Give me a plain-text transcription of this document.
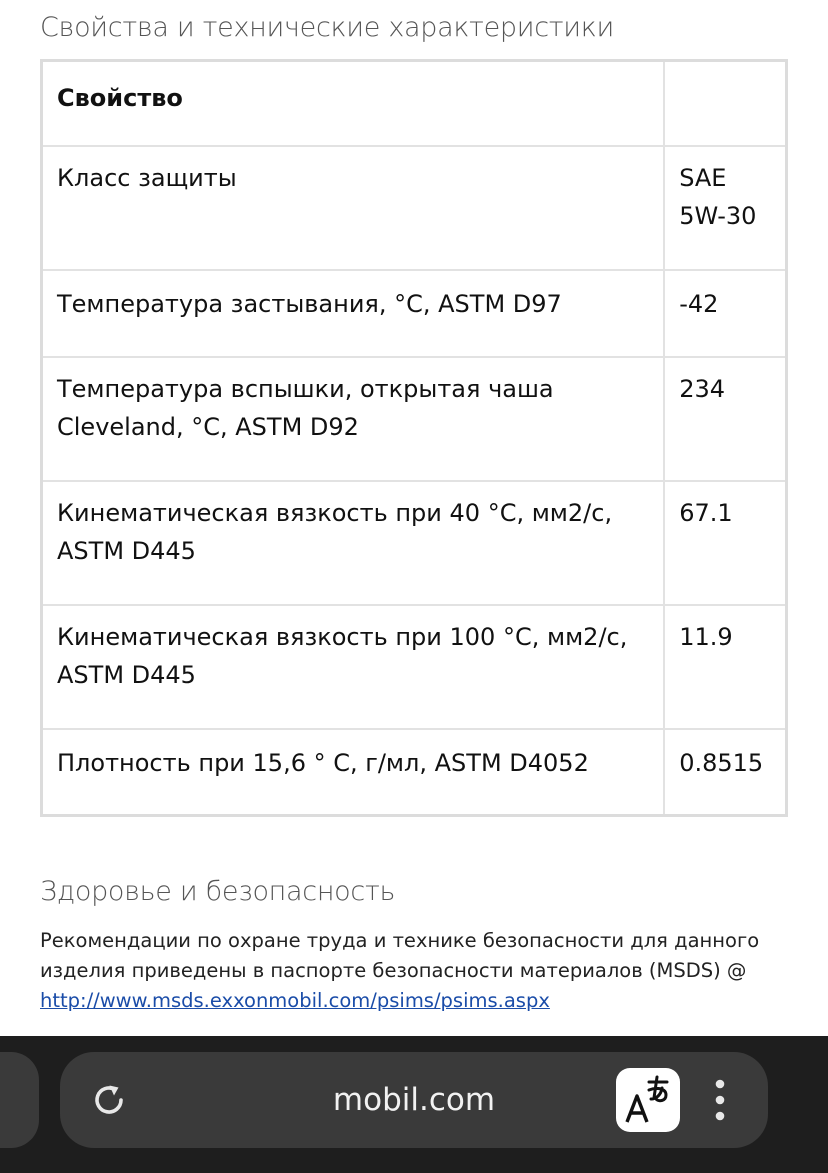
Свойства и технические характеристики
Свойство	
Класс защиты	SAE 5W-30
Температура застывания, °C, ASTM D97	-42
Температура вспышки, открытая чаша Cleveland, °C, ASTM D92	234
Кинематическая вязкость при 40 °C, мм2/с, ASTM D445	67.1
Кинематическая вязкость при 100 °C, мм2/с, ASTM D445	11.9
Плотность при 15,6 ° C, г/мл, ASTM D4052	0.8515
Здоровье и безопасность

Рекомендации по охране труда и технике безопасности для данного изделия приведены в паспорте безопасности материалов (MSDS) @
http://www.msds.exxonmobil.com/psims/psims.aspx

mobil.com
